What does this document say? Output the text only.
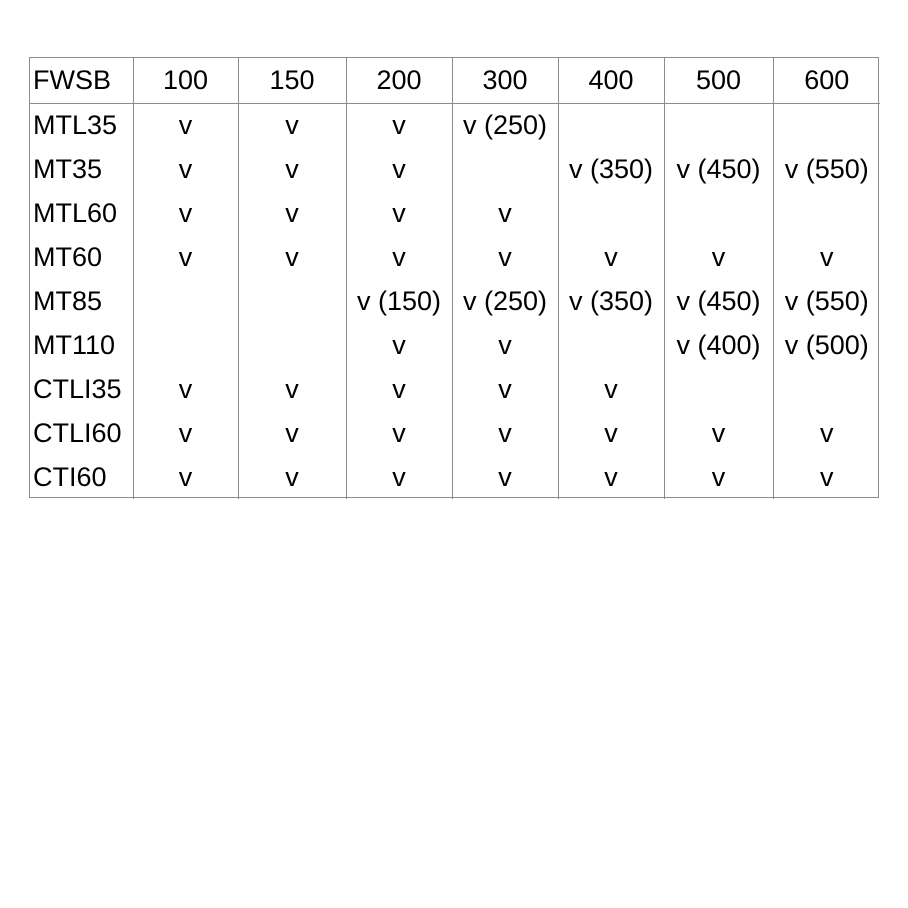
FWSB	100	150	200	300	400	500	600
MTL35	v	v	v	v (250)			
MT35	v	v	v		v (350)	v (450)	v (550)
MTL60	v	v	v	v			
MT60	v	v	v	v	v	v	v
MT85			v (150)	v (250)	v (350)	v (450)	v (550)
MT110			v	v		v (400)	v (500)
CTLI35	v	v	v	v	v		
CTLI60	v	v	v	v	v	v	v
CTI60	v	v	v	v	v	v	v
